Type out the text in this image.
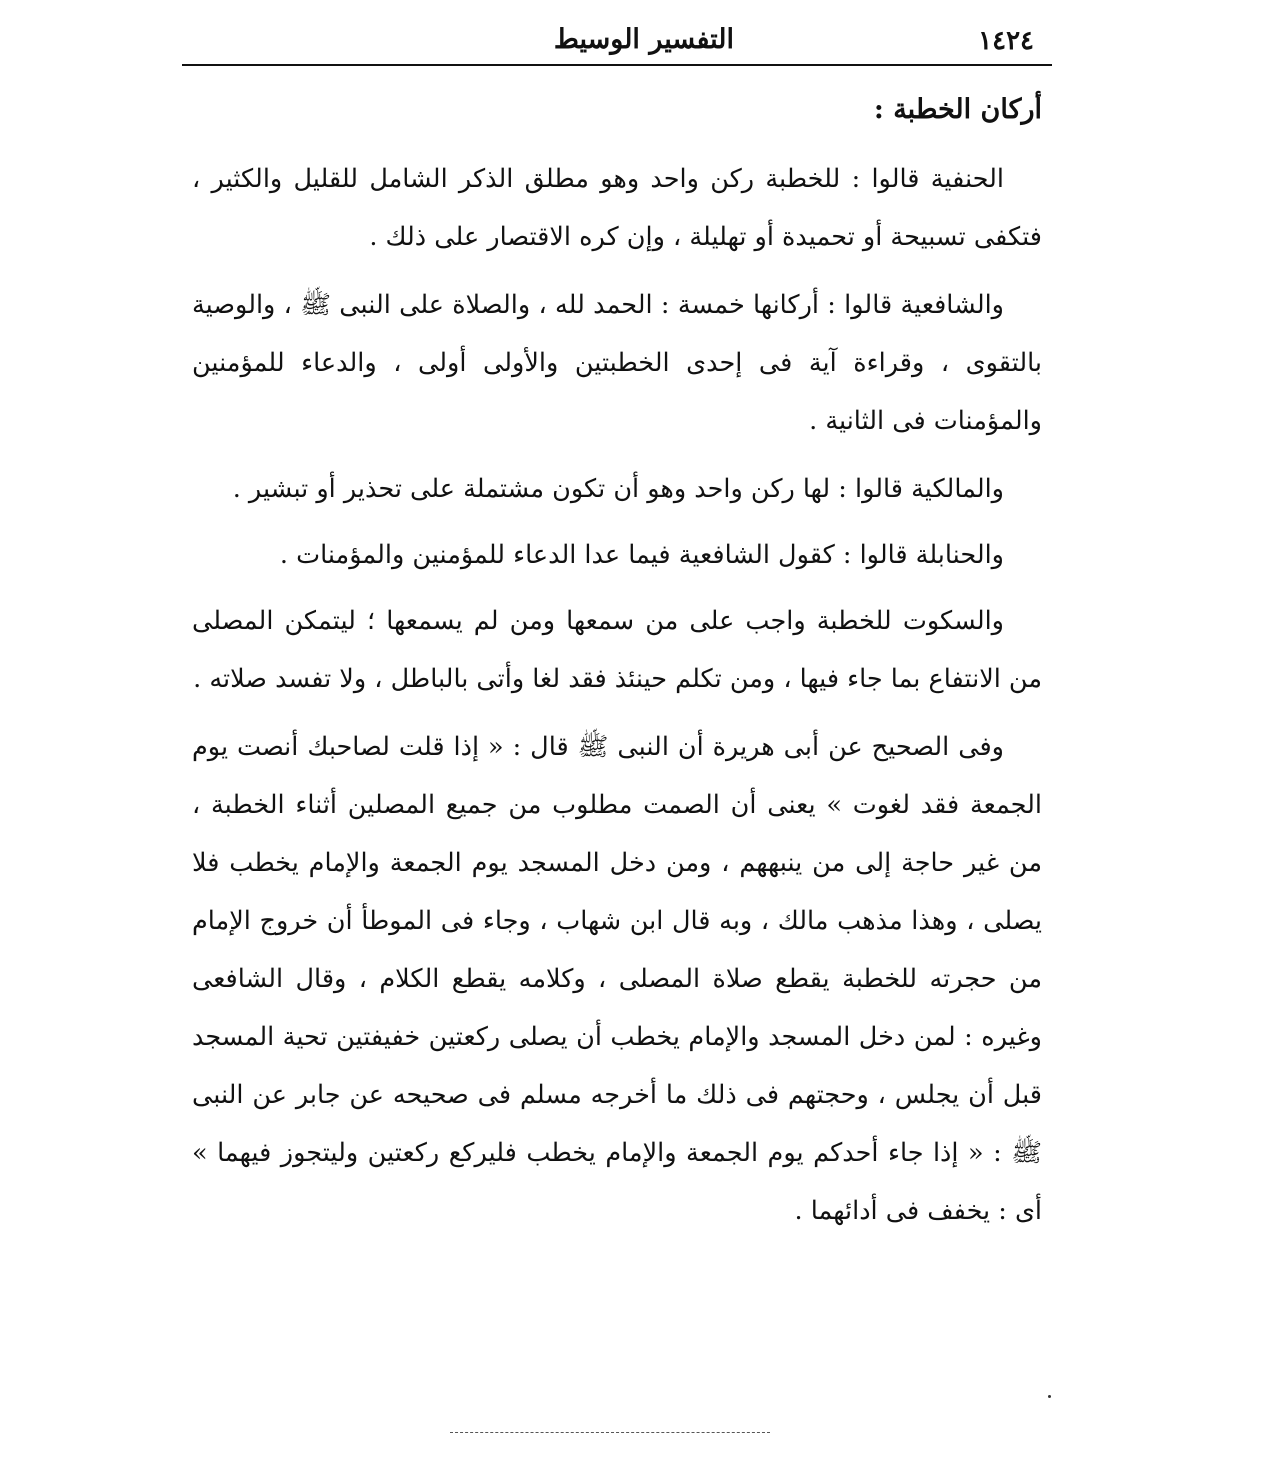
١٤٢٤
التفسير الوسيط
أركان الخطبة :

الحنفية قالوا : للخطبة ركن واحد وهو مطلق الذكر الشامل للقليل والكثير ، فتكفى تسبيحة أو تحميدة أو تهليلة ، وإن كره الاقتصار على ذلك .

والشافعية قالوا : أركانها خمسة : الحمد لله ، والصلاة على النبى ﷺ ، والوصية بالتقوى ، وقراءة آية فى إحدى الخطبتين والأولى أولى ، والدعاء للمؤمنين والمؤمنات فى الثانية .

والمالكية قالوا : لها ركن واحد وهو أن تكون مشتملة على تحذير أو تبشير .

والحنابلة قالوا : كقول الشافعية فيما عدا الدعاء للمؤمنين والمؤمنات .

والسكوت للخطبة واجب على من سمعها ومن لم يسمعها ؛ ليتمكن المصلى من الانتفاع بما جاء فيها ، ومن تكلم حينئذ فقد لغا وأتى بالباطل ، ولا تفسد صلاته .

وفى الصحيح عن أبى هريرة أن النبى ﷺ قال : « إذا قلت لصاحبك أنصت يوم الجمعة فقد لغوت » يعنى أن الصمت مطلوب من جميع المصلين أثناء الخطبة ، من غير حاجة إلى من ينبههم ، ومن دخل المسجد يوم الجمعة والإمام يخطب فلا يصلى ، وهذا مذهب مالك ، وبه قال ابن شهاب ، وجاء فى الموطأ أن خروج الإمام من حجرته للخطبة يقطع صلاة المصلى ، وكلامه يقطع الكلام ، وقال الشافعى وغيره : لمن دخل المسجد والإمام يخطب أن يصلى ركعتين خفيفتين تحية المسجد قبل أن يجلس ، وحجتهم فى ذلك ما أخرجه مسلم فى صحيحه عن جابر عن النبى ﷺ : « إذا جاء أحدكم يوم الجمعة والإمام يخطب فليركع ركعتين وليتجوز فيهما » أى : يخفف فى أدائهما .
